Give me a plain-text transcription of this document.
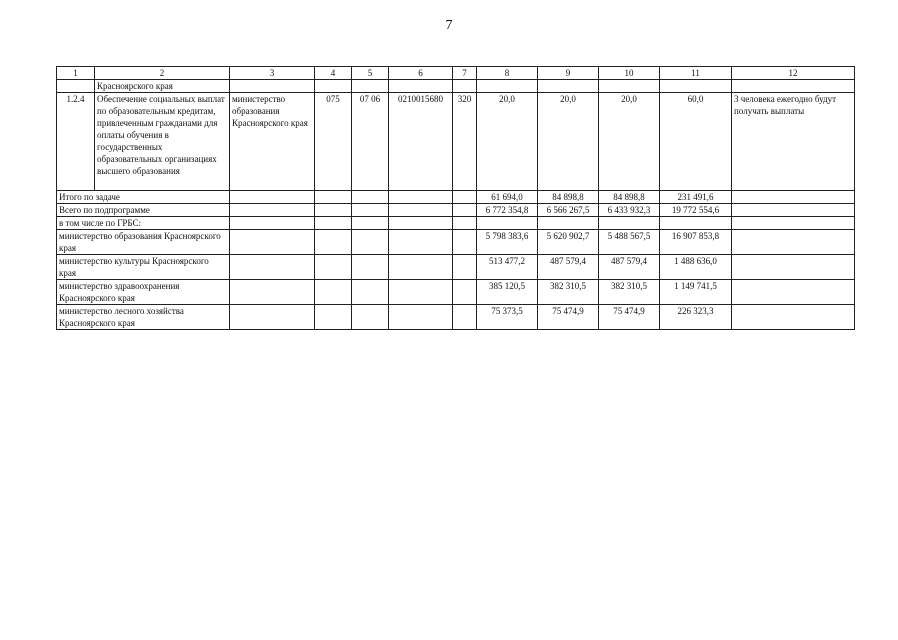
7
1	2	3	4	5	6	7	8	9	10	11	12
	Красноярского края										
1.2.4	Обеспечение социальных выплат по образовательным кредитам, привлеченным гражданами для оплаты обучения в государственных образовательных организациях высшего образования	министерство образования Красноярского края	075	07 06	0210015680	320	20,0	20,0	20,0	60,0	3 человека ежегодно будут получать выплаты
Итого по задаче							61 694,0	84 898,8	84 898,8	231 491,6	
Всего по подпрограмме							6 772 354,8	6 566 267,5	6 433 932,3	19 772 554,6	
в том числе по ГРБС:											
министерство образования Красноярского края							5 798 383,6	5 620 902,7	5 488 567,5	16 907 853,8	
министерство культуры Красноярского края							513 477,2	487 579,4	487 579,4	1 488 636,0	
министерство здравоохранения Красноярского края							385 120,5	382 310,5	382 310,5	1 149 741,5	
министерство лесного хозяйства Красноярского края							75 373,5	75 474,9	75 474,9	226 323,3	
